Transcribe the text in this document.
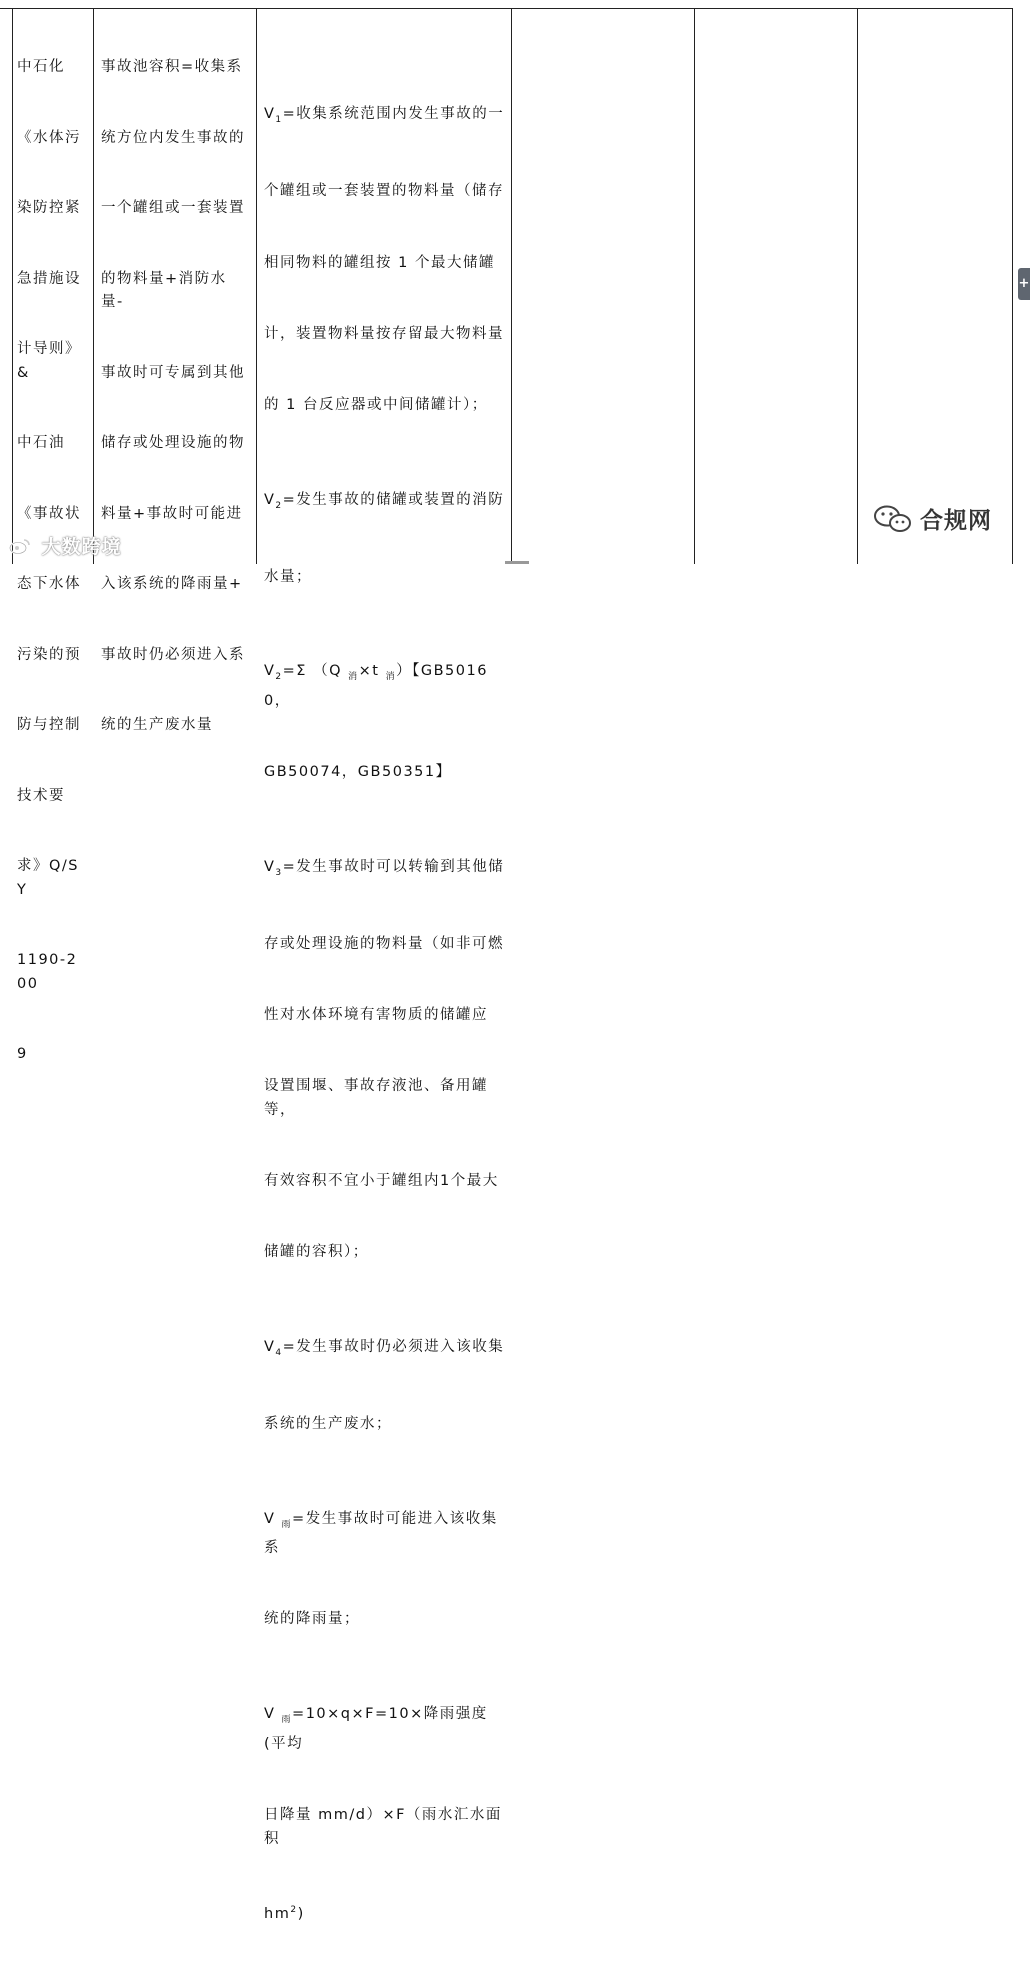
中石化

《水体污

染防控紧

急措施设

计导则》&

中石油

《事故状

态下水体

污染的预

防与控制

技术要

求》Q/SY

1190-200

9

事故池容积=收集系

统方位内发生事故的

一个罐组或一套装置

的物料量+消防水量-

事故时可专属到其他

储存或处理设施的物

料量+事故时可能进

入该系统的降雨量+

事故时仍必须进入系

统的生产废水量

$V_1=$收集系统范围内发生事故的一

个罐组或一套装置的物料量（储存

相同物料的罐组按 1 个最大储罐

计，装置物料量按存留最大物料量

的 1 台反应器或中间储罐计）；

$V_2=$发生事故的储罐或装置的消防

水量；

$V_2=\Sigma$ （Q $_消$×t $_消$）【GB50160，

GB50074，GB50351】

$V_3=$发生事故时可以转输到其他储

存或处理设施的物料量（如非可燃

性对水体环境有害物质的储罐应

设置围堰、事故存液池、备用罐等，

有效容积不宜小于罐组内1个最大

储罐的容积）；

$V_4=$发生事故时仍必须进入该收集

系统的生产废水；

V $_雨$=发生事故时可能进入该收集系

统的降雨量；

V $_雨$=10×q×F=10×降雨强度(平均

日降量 mm/d）×F（雨水汇水面积

$hm^2$)

+
大数跨境
合规网
